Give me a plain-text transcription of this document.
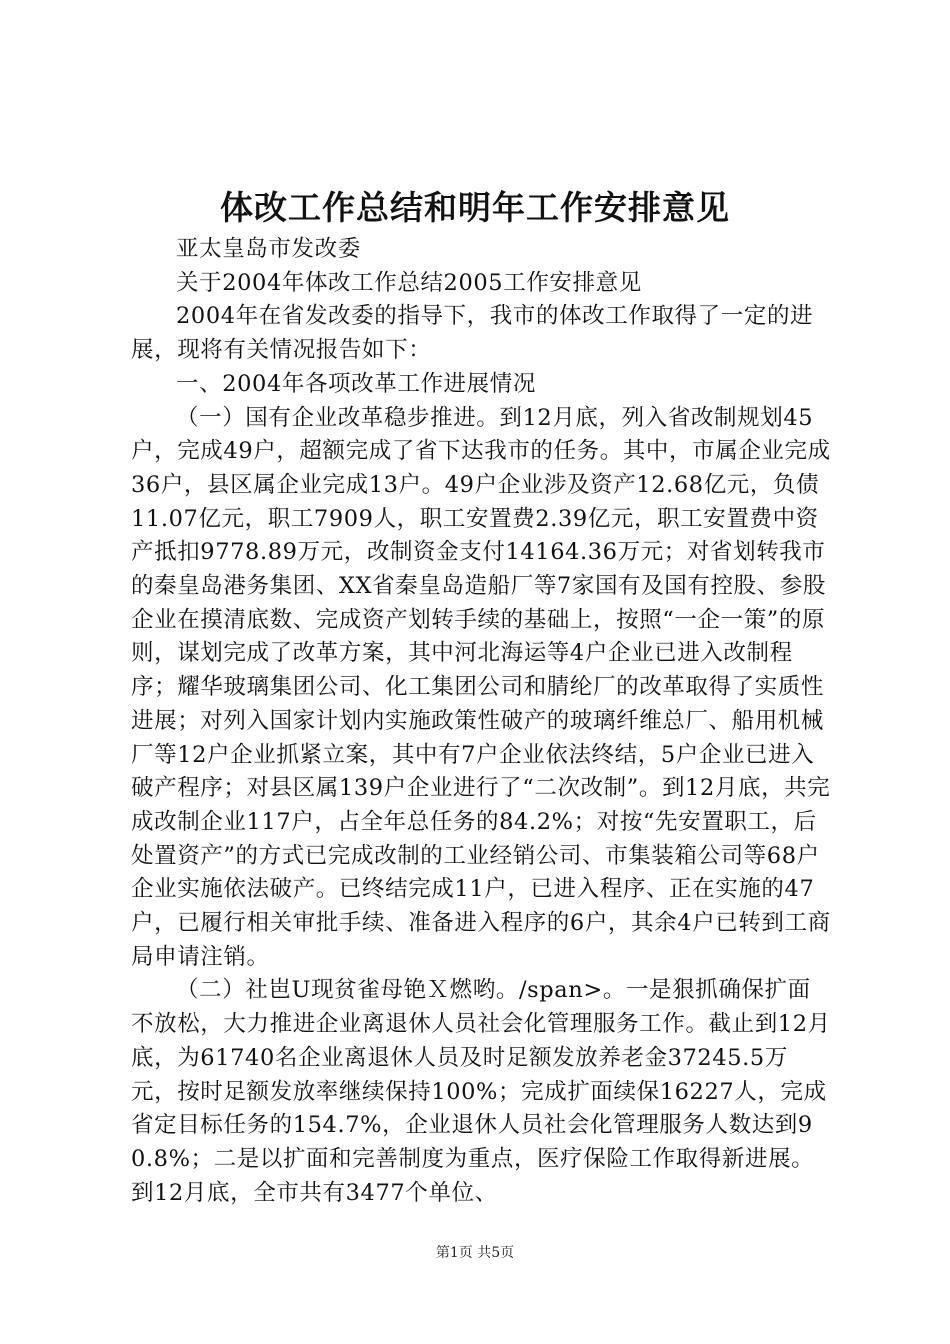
体改工作总结和明年工作安排意见

亚太皇岛市发改委

关于2004年体改工作总结2005工作安排意见

2004年在省发改委的指导下，我市的体改工作取得了一定的进展，现将有关情况报告如下：

一、2004年各项改革工作进展情况

（一）国有企业改革稳步推进。到12月底，列入省改制规划45户，完成49户，超额完成了省下达我市的任务。其中，市属企业完成36户，县区属企业完成13户。49户企业涉及资产12.68亿元，负债11.07亿元，职工7909人，职工安置费2.39亿元，职工安置费中资产抵扣9778.89万元，改制资金支付14164.36万元；对省划转我市的秦皇岛港务集团、XX省秦皇岛造船厂等7家国有及国有控股、参股企业在摸清底数、完成资产划转手续的基础上，按照“一企一策”的原则，谋划完成了改革方案，其中河北海运等4户企业已进入改制程序；耀华玻璃集团公司、化工集团公司和腈纶厂的改革取得了实质性进展；对列入国家计划内实施政策性破产的玻璃纤维总厂、船用机械厂等12户企业抓紧立案，其中有7户企业依法终结，5户企业已进入破产程序；对县区属139户企业进行了“二次改制”。到12月底，共完成改制企业117户，占全年总任务的84.2%；对按“先安置职工，后处置资产”的方式已完成改制的工业经销公司、市集装箱公司等68户企业实施依法破产。已终结完成11户，已进入程序、正在实施的47户，已履行相关审批手续、准备进入程序的6户，其余4户已转到工商局申请注销。

（二）社岜U现贫雀母铯Ｘ燃哟。/span>。一是狠抓确保扩面不放松，大力推进企业离退休人员社会化管理服务工作。截止到12月底，为61740名企业离退休人员及时足额发放养老金37245.5万元，按时足额发放率继续保持100%；完成扩面续保16227人，完成省定目标任务的154.7%，企业退休人员社会化管理服务人数达到90.8%；二是以扩面和完善制度为重点，医疗保险工作取得新进展。到12月底，全市共有3477个单位、

第1页 共5页
